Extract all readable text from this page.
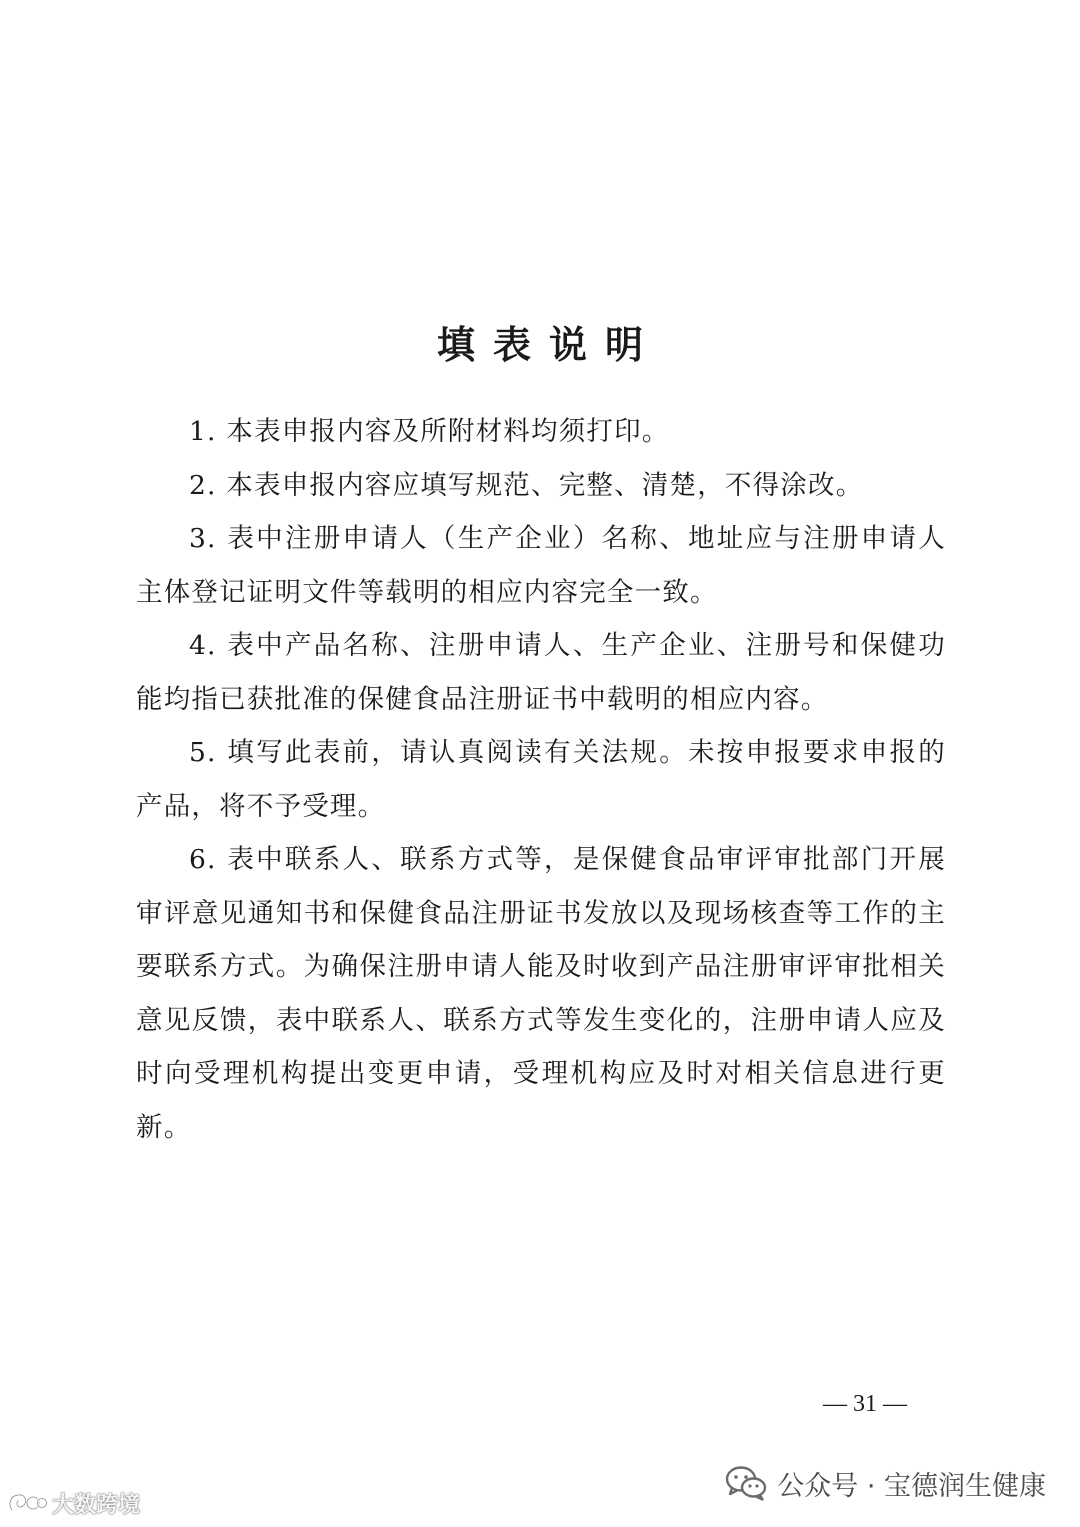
填表说明

1. 本表申报内容及所附材料均须打印。

2. 本表申报内容应填写规范、完整、清楚，不得涂改。

3. 表中注册申请人（生产企业）名称、地址应与注册申请人主体登记证明文件等载明的相应内容完全一致。

4. 表中产品名称、注册申请人、生产企业、注册号和保健功能均指已获批准的保健食品注册证书中载明的相应内容。

5. 填写此表前，请认真阅读有关法规。未按申报要求申报的产品，将不予受理。

6. 表中联系人、联系方式等，是保健食品审评审批部门开展审评意见通知书和保健食品注册证书发放以及现场核查等工作的主要联系方式。为确保注册申请人能及时收到产品注册审评审批相关意见反馈，表中联系人、联系方式等发生变化的，注册申请人应及时向受理机构提出变更申请，受理机构应及时对相关信息进行更新。

— 31 —
公众号 · 宝德润生健康
大数跨境
